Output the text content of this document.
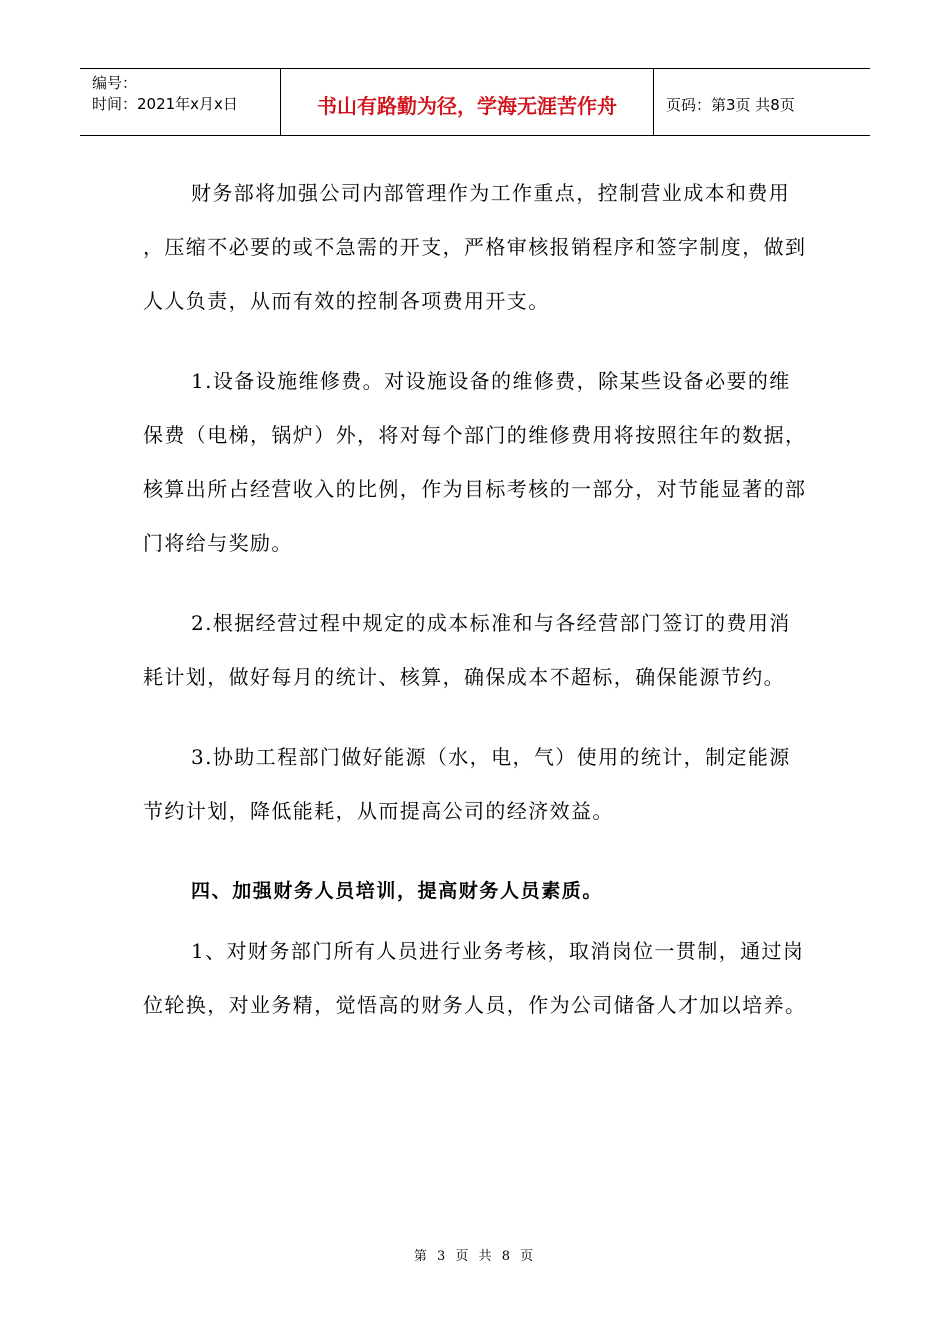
编号：
时间：2021年x月x日	书山有路勤为径，学海无涯苦作舟	页码：第3页 共8页

财务部将加强公司内部管理作为工作重点，控制营业成本和费用 ，压缩不必要的或不急需的开支，严格审核报销程序和签字制度，做到人人负责，从而有效的控制各项费用开支。

1.设备设施维修费。对设施设备的维修费，除某些设备必要的维保费（电梯，锅炉）外，将对每个部门的维修费用将按照往年的数据，核算出所占经营收入的比例，作为目标考核的一部分，对节能显著的部门将给与奖励。

2.根据经营过程中规定的成本标准和与各经营部门签订的费用消耗计划，做好每月的统计、核算，确保成本不超标，确保能源节约。

3.协助工程部门做好能源（水，电，气）使用的统计，制定能源节约计划，降低能耗，从而提高公司的经济效益。

四、加强财务人员培训，提高财务人员素质。

1、对财务部门所有人员进行业务考核，取消岗位一贯制，通过岗位轮换，对业务精，觉悟高的财务人员，作为公司储备人才加以培养。

第 3 页 共 8 页
